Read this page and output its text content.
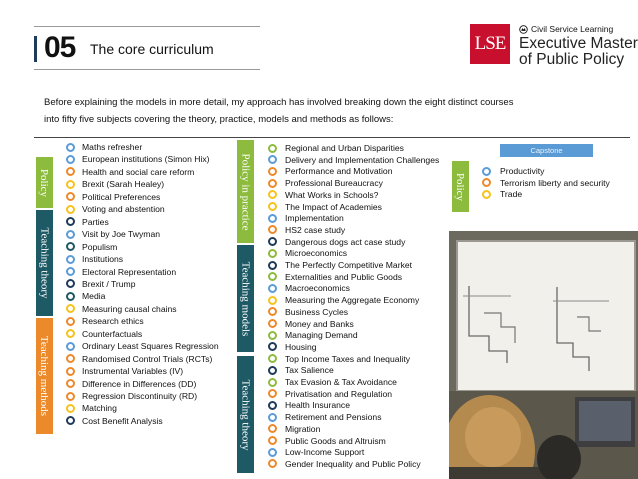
05 The core curriculum	LSE
Civil Service Learning
Executive Master
of Public Policy
Before explaining the models in more detail, my approach has involved breaking down the eight distinct courses
into fifty five subjects covering the theory, practice, models and methods as follows:
Policy
Teaching theory
Teaching methods
Policy in practice
Teaching models
Teaching theory
Policy
Capstone
Maths refresher
European institutions (Simon Hix)
Health and social care reform
Brexit (Sarah Healey)
Political Preferences
Voting and abstention
Parties
Visit by Joe Twyman
Populism
Institutions
Electoral Representation
Brexit / Trump
Media
Measuring causal chains
Research ethics
Counterfactuals
Ordinary Least Squares Regression
Randomised Control Trials (RCTs)
Instrumental Variables (IV)
Difference in Differences (DD)
Regression Discontinuity (RD)
Matching
Cost Benefit Analysis
Regional and Urban Disparities
Delivery and Implementation Challenges
Performance and Motivation
Professional Bureaucracy
What Works in Schools?
The Impact of Academies
Implementation
HS2 case study
Dangerous dogs act case study
Microeconomics
The Perfectly Competitive Market
Externalities and Public Goods
Macroeconomics
Measuring the Aggregate Economy
Business Cycles
Money and Banks
Managing Demand
Housing
Top Income Taxes and Inequality
Tax Salience
Tax Evasion & Tax Avoidance
Privatisation and Regulation
Health Insurance
Retirement and Pensions
Migration
Public Goods and Altruism
Low-Income Support
Gender Inequality and Public Policy
Productivity
Terrorism liberty and security
Trade
